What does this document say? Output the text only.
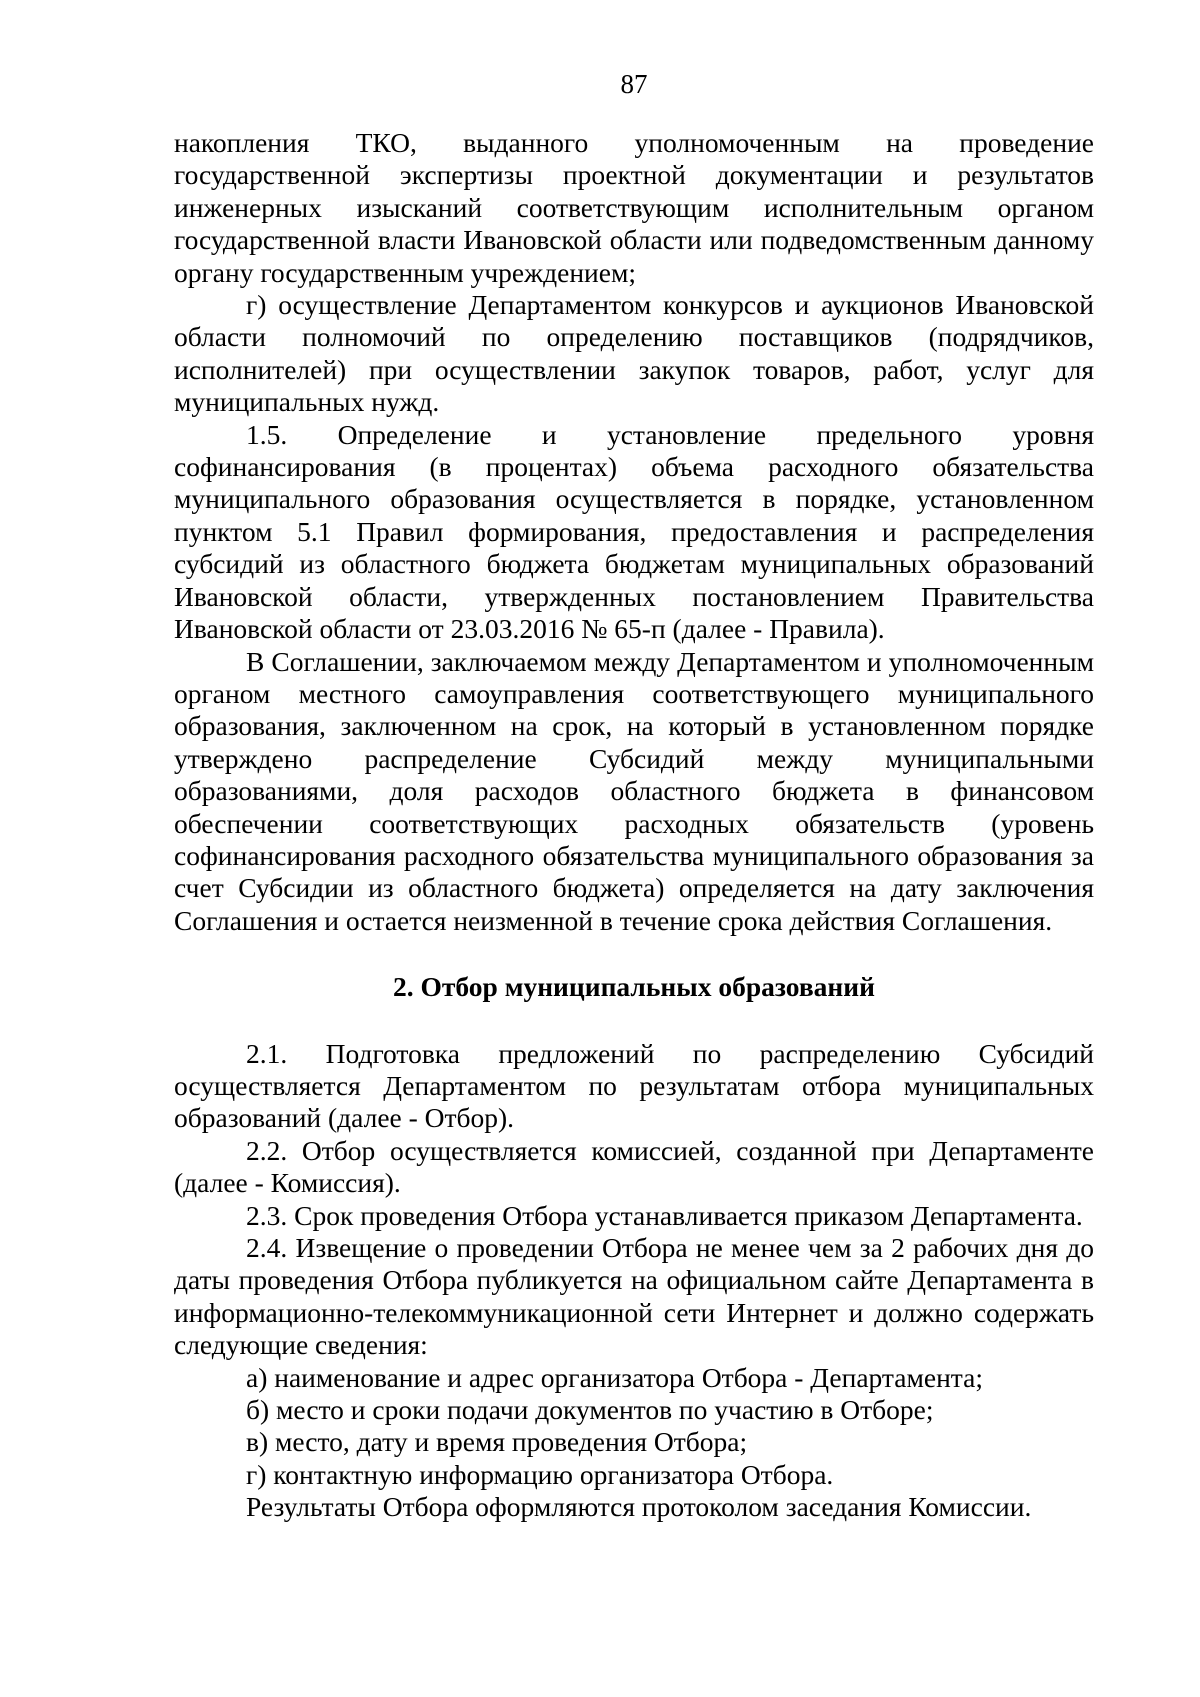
87

накопления ТКО, выданного уполномоченным на проведение государственной экспертизы проектной документации и результатов инженерных изысканий соответствующим исполнительным органом государственной власти Ивановской области или подведомственным данному органу государственным учреждением;

г) осуществление Департаментом конкурсов и аукционов Ивановской области полномочий по определению поставщиков (подрядчиков, исполнителей) при осуществлении закупок товаров, работ, услуг для муниципальных нужд.

1.5. Определение и установление предельного уровня софинансирования (в процентах) объема расходного обязательства муниципального образования осуществляется в порядке, установленном пунктом 5.1 Правил формирования, предоставления и распределения субсидий из областного бюджета бюджетам муниципальных образований Ивановской области, утвержденных постановлением Правительства Ивановской области от 23.03.2016 № 65-п (далее - Правила).

В Соглашении, заключаемом между Департаментом и уполномоченным органом местного самоуправления соответствующего муниципального образования, заключенном на срок, на который в установленном порядке утверждено распределение Субсидий между муниципальными образованиями, доля расходов областного бюджета в финансовом обеспечении соответствующих расходных обязательств (уровень софинансирования расходного обязательства муниципального образования за счет Субсидии из областного бюджета) определяется на дату заключения Соглашения и остается неизменной в течение срока действия Соглашения.

2. Отбор муниципальных образований

2.1. Подготовка предложений по распределению Субсидий осуществляется Департаментом по результатам отбора муниципальных образований (далее - Отбор).

2.2. Отбор осуществляется комиссией, созданной при Департаменте (далее - Комиссия).

2.3. Срок проведения Отбора устанавливается приказом Департамента.

2.4. Извещение о проведении Отбора не менее чем за 2 рабочих дня до даты проведения Отбора публикуется на официальном сайте Департамента в информационно-телекоммуникационной сети Интернет и должно содержать следующие сведения:

а) наименование и адрес организатора Отбора - Департамента;

б) место и сроки подачи документов по участию в Отборе;

в) место, дату и время проведения Отбора;

г) контактную информацию организатора Отбора.

Результаты Отбора оформляются протоколом заседания Комиссии.
